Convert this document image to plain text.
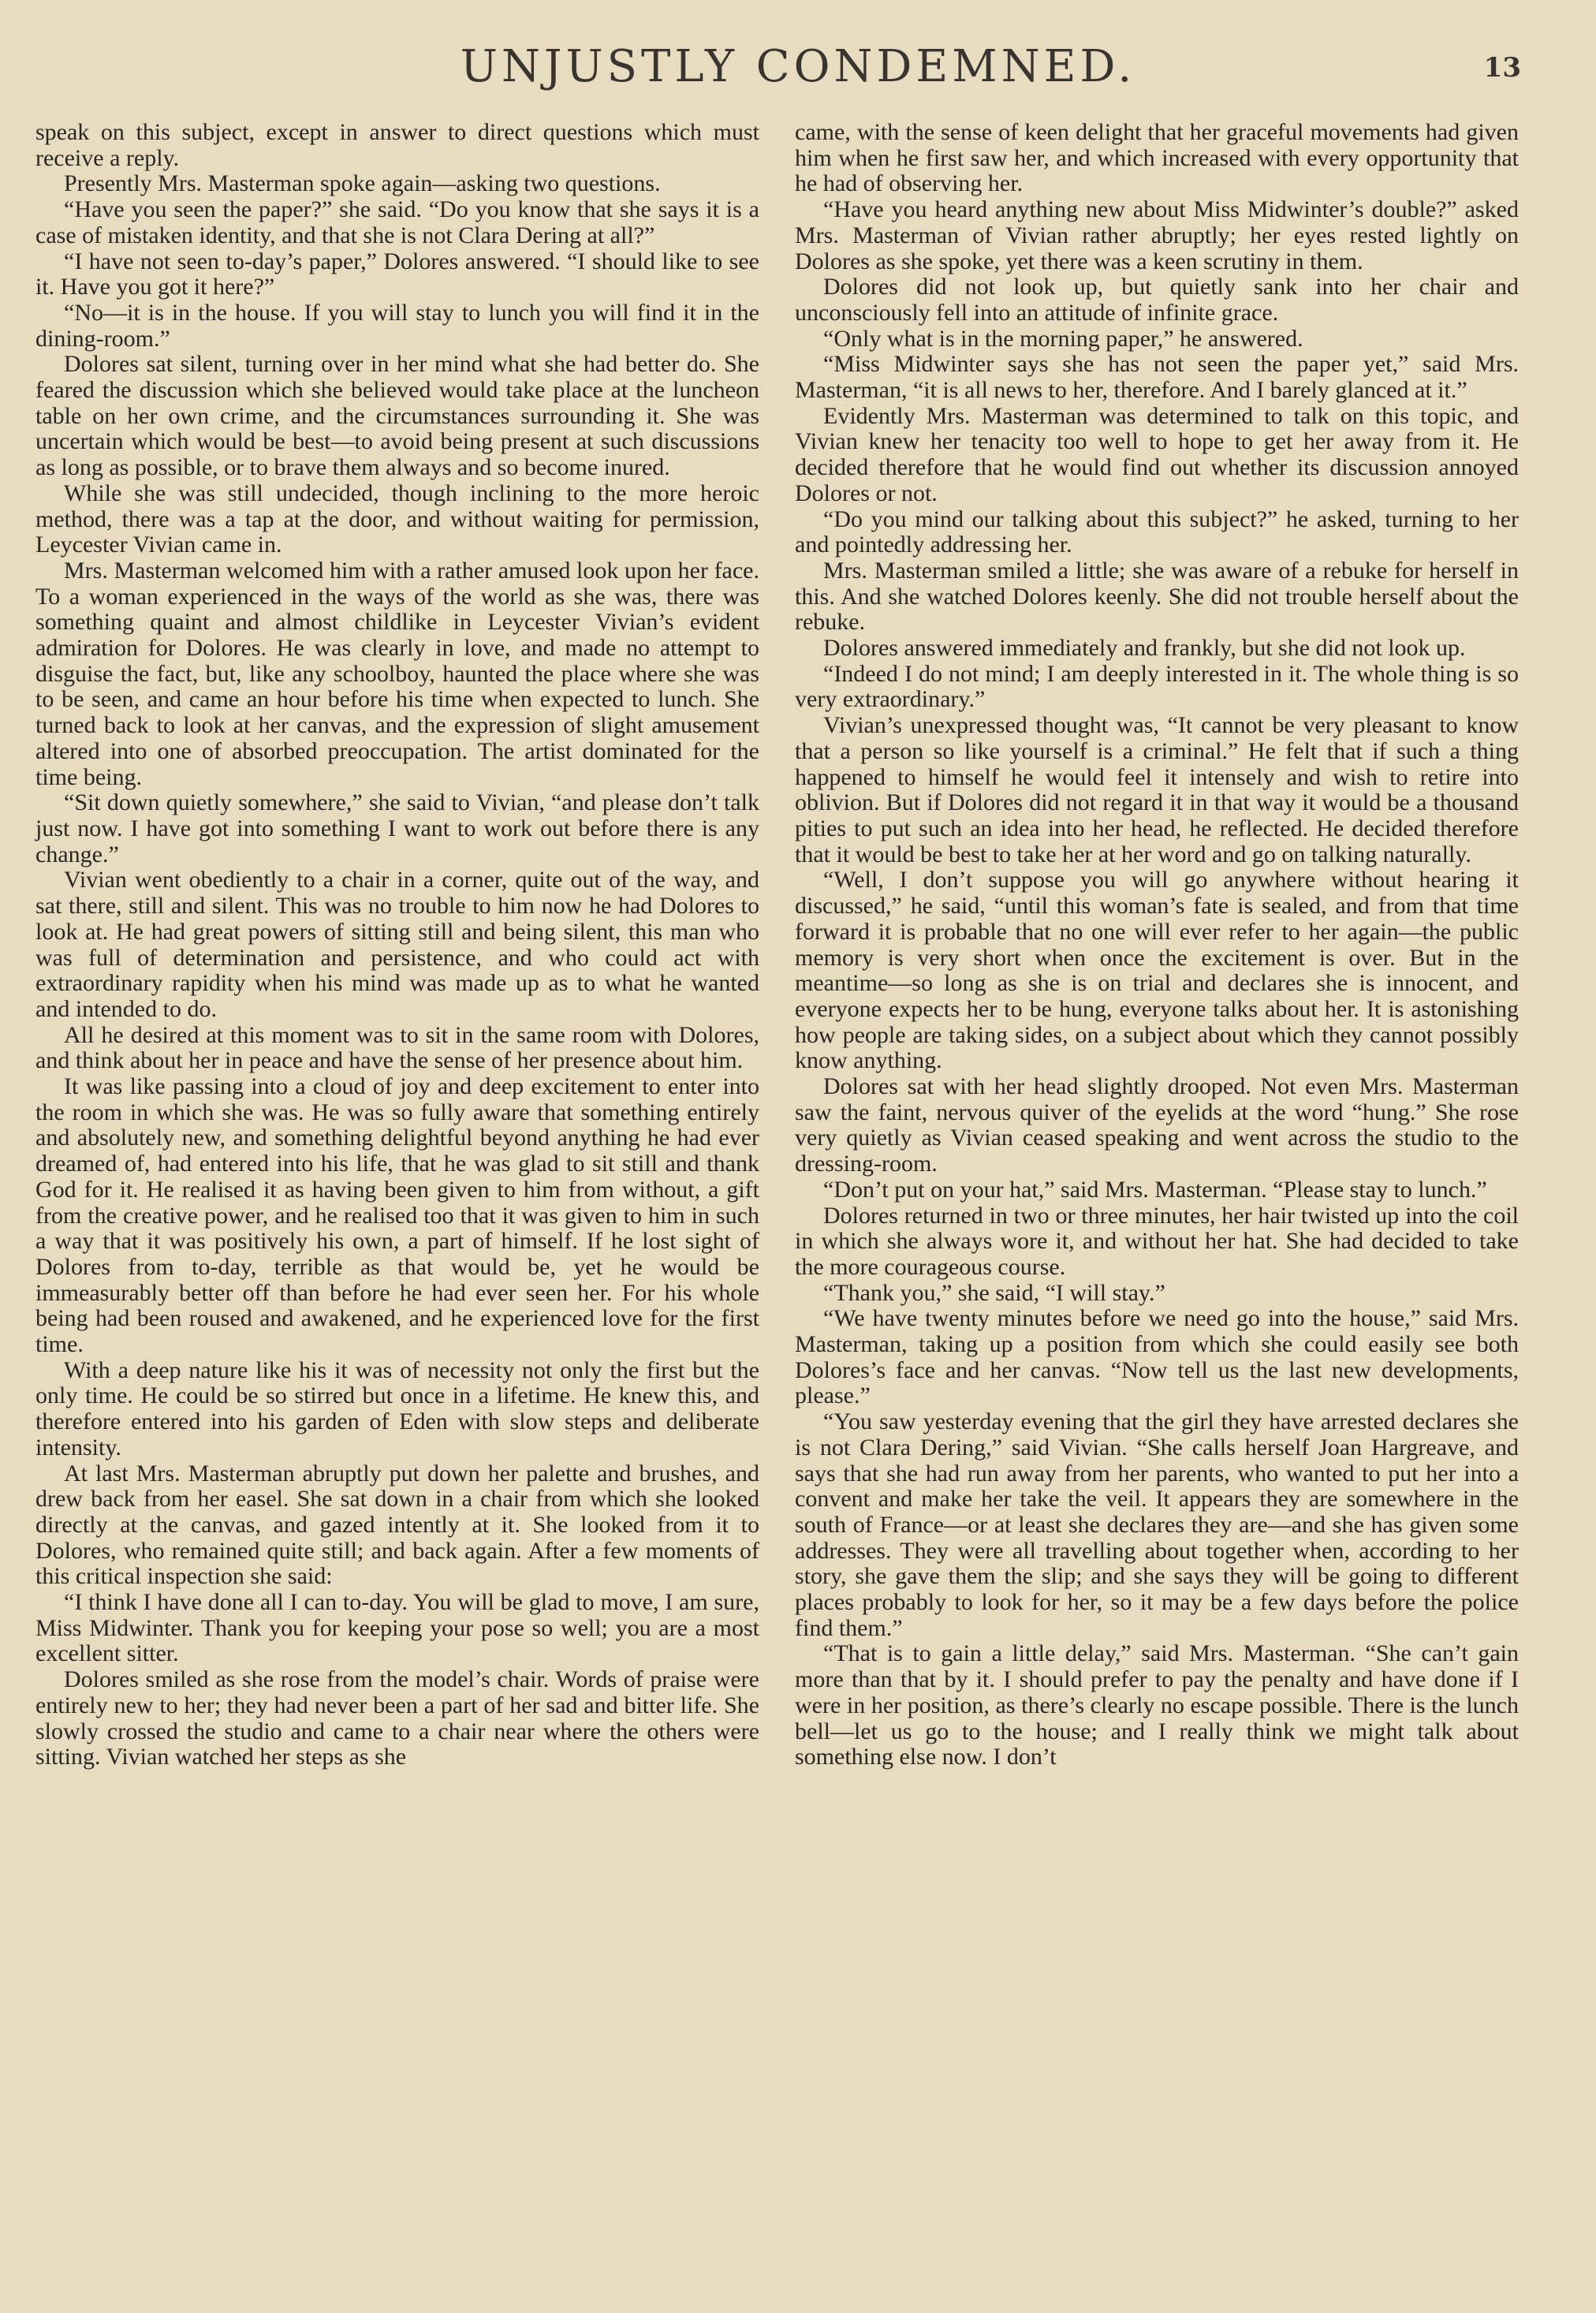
UNJUSTLY CONDEMNED.	13

speak on this subject, except in answer to direct questions which must receive a reply.

Presently Mrs. Masterman spoke again—asking two questions.

“Have you seen the paper?” she said. “Do you know that she says it is a case of mistaken identity, and that she is not Clara Dering at all?”

“I have not seen to-day’s paper,” Dolores answered. “I should like to see it. Have you got it here?”

“No—it is in the house. If you will stay to lunch you will find it in the dining-room.”

Dolores sat silent, turning over in her mind what she had better do. She feared the discussion which she believed would take place at the luncheon table on her own crime, and the circumstances surrounding it. She was uncertain which would be best—to avoid being present at such discussions as long as possible, or to brave them always and so become inured.

While she was still undecided, though inclining to the more heroic method, there was a tap at the door, and without waiting for permission, Leycester Vivian came in.

Mrs. Masterman welcomed him with a rather amused look upon her face. To a woman experienced in the ways of the world as she was, there was something quaint and almost childlike in Leycester Vivian’s evident admiration for Dolores. He was clearly in love, and made no attempt to disguise the fact, but, like any schoolboy, haunted the place where she was to be seen, and came an hour before his time when expected to lunch. She turned back to look at her canvas, and the expression of slight amusement altered into one of absorbed preoccupation. The artist dominated for the time being.

“Sit down quietly somewhere,” she said to Vivian, “and please don’t talk just now. I have got into something I want to work out before there is any change.”

Vivian went obediently to a chair in a corner, quite out of the way, and sat there, still and silent. This was no trouble to him now he had Dolores to look at. He had great powers of sitting still and being silent, this man who was full of determination and persistence, and who could act with extraordinary rapidity when his mind was made up as to what he wanted and intended to do.

All he desired at this moment was to sit in the same room with Dolores, and think about her in peace and have the sense of her presence about him.

It was like passing into a cloud of joy and deep excitement to enter into the room in which she was. He was so fully aware that something entirely and absolutely new, and something delightful beyond anything he had ever dreamed of, had entered into his life, that he was glad to sit still and thank God for it. He realised it as having been given to him from without, a gift from the creative power, and he realised too that it was given to him in such a way that it was positively his own, a part of himself. If he lost sight of Dolores from to-day, terrible as that would be, yet he would be immeasurably better off than before he had ever seen her. For his whole being had been roused and awakened, and he experienced love for the first time.

With a deep nature like his it was of necessity not only the first but the only time. He could be so stirred but once in a lifetime. He knew this, and therefore entered into his garden of Eden with slow steps and deliberate intensity.

At last Mrs. Masterman abruptly put down her palette and brushes, and drew back from her easel. She sat down in a chair from which she looked directly at the canvas, and gazed intently at it. She looked from it to Dolores, who remained quite still; and back again. After a few moments of this critical inspection she said:

“I think I have done all I can to-day. You will be glad to move, I am sure, Miss Midwinter. Thank you for keeping your pose so well; you are a most excellent sitter.

Dolores smiled as she rose from the model’s chair. Words of praise were entirely new to her; they had never been a part of her sad and bitter life. She slowly crossed the studio and came to a chair near where the others were sitting. Vivian watched her steps as she

came, with the sense of keen delight that her graceful movements had given him when he first saw her, and which increased with every opportunity that he had of observing her.

“Have you heard anything new about Miss Midwinter’s double?” asked Mrs. Masterman of Vivian rather abruptly; her eyes rested lightly on Dolores as she spoke, yet there was a keen scrutiny in them.

Dolores did not look up, but quietly sank into her chair and unconsciously fell into an attitude of infinite grace.

“Only what is in the morning paper,” he answered.

“Miss Midwinter says she has not seen the paper yet,” said Mrs. Masterman, “it is all news to her, therefore. And I barely glanced at it.”

Evidently Mrs. Masterman was determined to talk on this topic, and Vivian knew her tenacity too well to hope to get her away from it. He decided therefore that he would find out whether its discussion annoyed Dolores or not.

“Do you mind our talking about this subject?” he asked, turning to her and pointedly addressing her.

Mrs. Masterman smiled a little; she was aware of a rebuke for herself in this. And she watched Dolores keenly. She did not trouble herself about the rebuke.

Dolores answered immediately and frankly, but she did not look up.

“Indeed I do not mind; I am deeply interested in it. The whole thing is so very extraordinary.”

Vivian’s unexpressed thought was, “It cannot be very pleasant to know that a person so like yourself is a criminal.” He felt that if such a thing happened to himself he would feel it intensely and wish to retire into oblivion. But if Dolores did not regard it in that way it would be a thousand pities to put such an idea into her head, he reflected. He decided therefore that it would be best to take her at her word and go on talking naturally.

“Well, I don’t suppose you will go anywhere without hearing it discussed,” he said, “until this woman’s fate is sealed, and from that time forward it is probable that no one will ever refer to her again—the public memory is very short when once the excitement is over. But in the meantime—so long as she is on trial and declares she is innocent, and everyone expects her to be hung, everyone talks about her. It is astonishing how people are taking sides, on a subject about which they cannot possibly know anything.

Dolores sat with her head slightly drooped. Not even Mrs. Masterman saw the faint, nervous quiver of the eyelids at the word “hung.” She rose very quietly as Vivian ceased speaking and went across the studio to the dressing-room.

“Don’t put on your hat,” said Mrs. Masterman. “Please stay to lunch.”

Dolores returned in two or three minutes, her hair twisted up into the coil in which she always wore it, and without her hat. She had decided to take the more courageous course.

“Thank you,” she said, “I will stay.”

“We have twenty minutes before we need go into the house,” said Mrs. Masterman, taking up a position from which she could easily see both Dolores’s face and her canvas. “Now tell us the last new developments, please.”

“You saw yesterday evening that the girl they have arrested declares she is not Clara Dering,” said Vivian. “She calls herself Joan Hargreave, and says that she had run away from her parents, who wanted to put her into a convent and make her take the veil. It appears they are somewhere in the south of France—or at least she declares they are—and she has given some addresses. They were all travelling about together when, according to her story, she gave them the slip; and she says they will be going to different places probably to look for her, so it may be a few days before the police find them.”

“That is to gain a little delay,” said Mrs. Masterman. “She can’t gain more than that by it. I should prefer to pay the penalty and have done if I were in her position, as there’s clearly no escape possible. There is the lunch bell—let us go to the house; and I really think we might talk about something else now. I don’t
